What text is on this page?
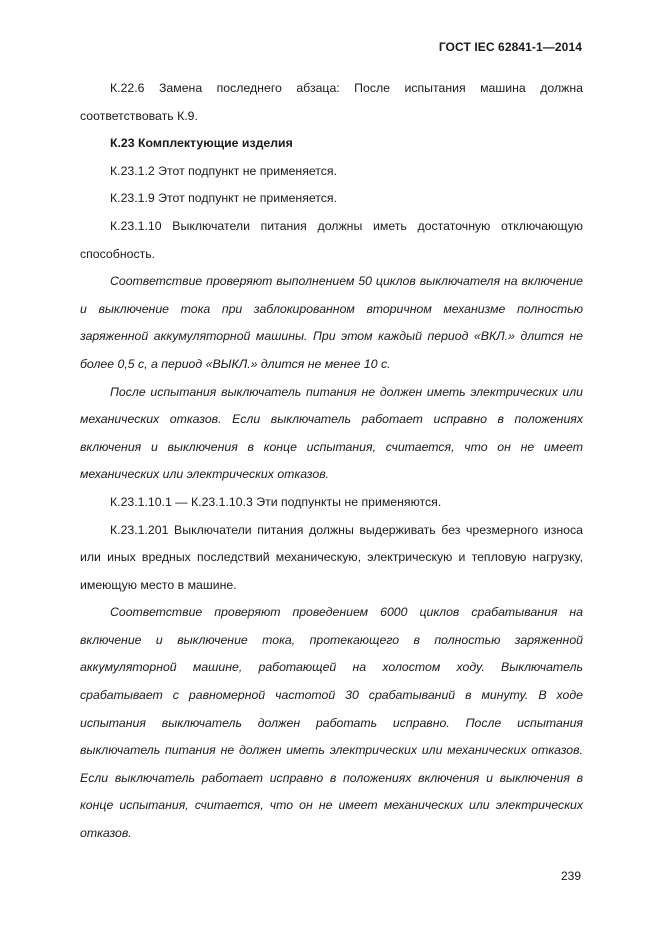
ГОСТ IEC 62841-1—2014

К.22.6 Замена последнего абзаца: После испытания машина должна соответствовать К.9.

К.23 Комплектующие изделия

К.23.1.2 Этот подпункт не применяется.

К.23.1.9 Этот подпункт не применяется.

К.23.1.10 Выключатели питания должны иметь достаточную отключающую способность.

Соответствие проверяют выполнением 50 циклов выключателя на включение и выключение тока при заблокированном вторичном механизме полностью заряженной аккумуляторной машины. При этом каждый период «ВКЛ.» длится не более 0,5 с, а период «ВЫКЛ.» длится не менее 10 с.

После испытания выключатель питания не должен иметь электрических или механических отказов. Если выключатель работает исправно в положениях включения и выключения в конце испытания, считается, что он не имеет механических или электрических отказов.

К.23.1.10.1 — К.23.1.10.3 Эти подпункты не применяются.

К.23.1.201 Выключатели питания должны выдерживать без чрезмерного износа или иных вредных последствий механическую, электрическую и тепловую нагрузку, имеющую место в машине.

Соответствие проверяют проведением 6000 циклов срабатывания на включение и выключение тока, протекающего в полностью заряженной аккумуляторной машине, работающей на холостом ходу. Выключатель срабатывает с равномерной частотой 30 срабатываний в минуту. В ходе испытания выключатель должен работать исправно. После испытания выключатель питания не должен иметь электрических или механических отказов. Если выключатель работает исправно в положениях включения и выключения в конце испытания, считается, что он не имеет механических или электрических отказов.

239
